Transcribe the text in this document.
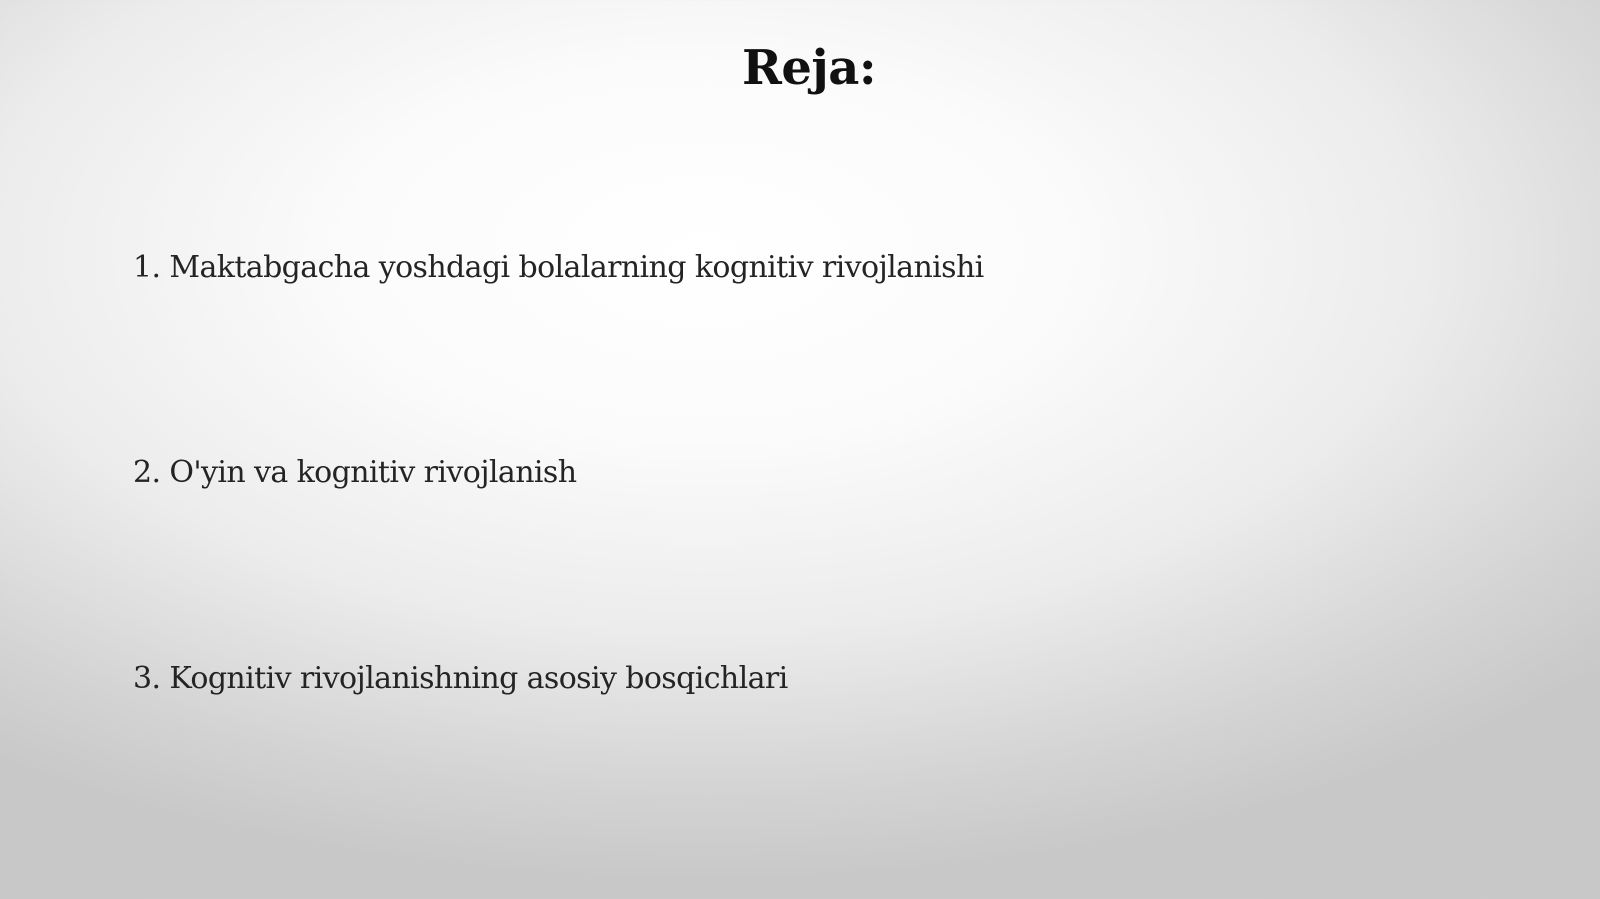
Reja:
1. Maktabgacha yoshdagi bolalarning kognitiv rivojlanishi
2. O'yin va kognitiv rivojlanish
3. Kognitiv rivojlanishning asosiy bosqichlari
